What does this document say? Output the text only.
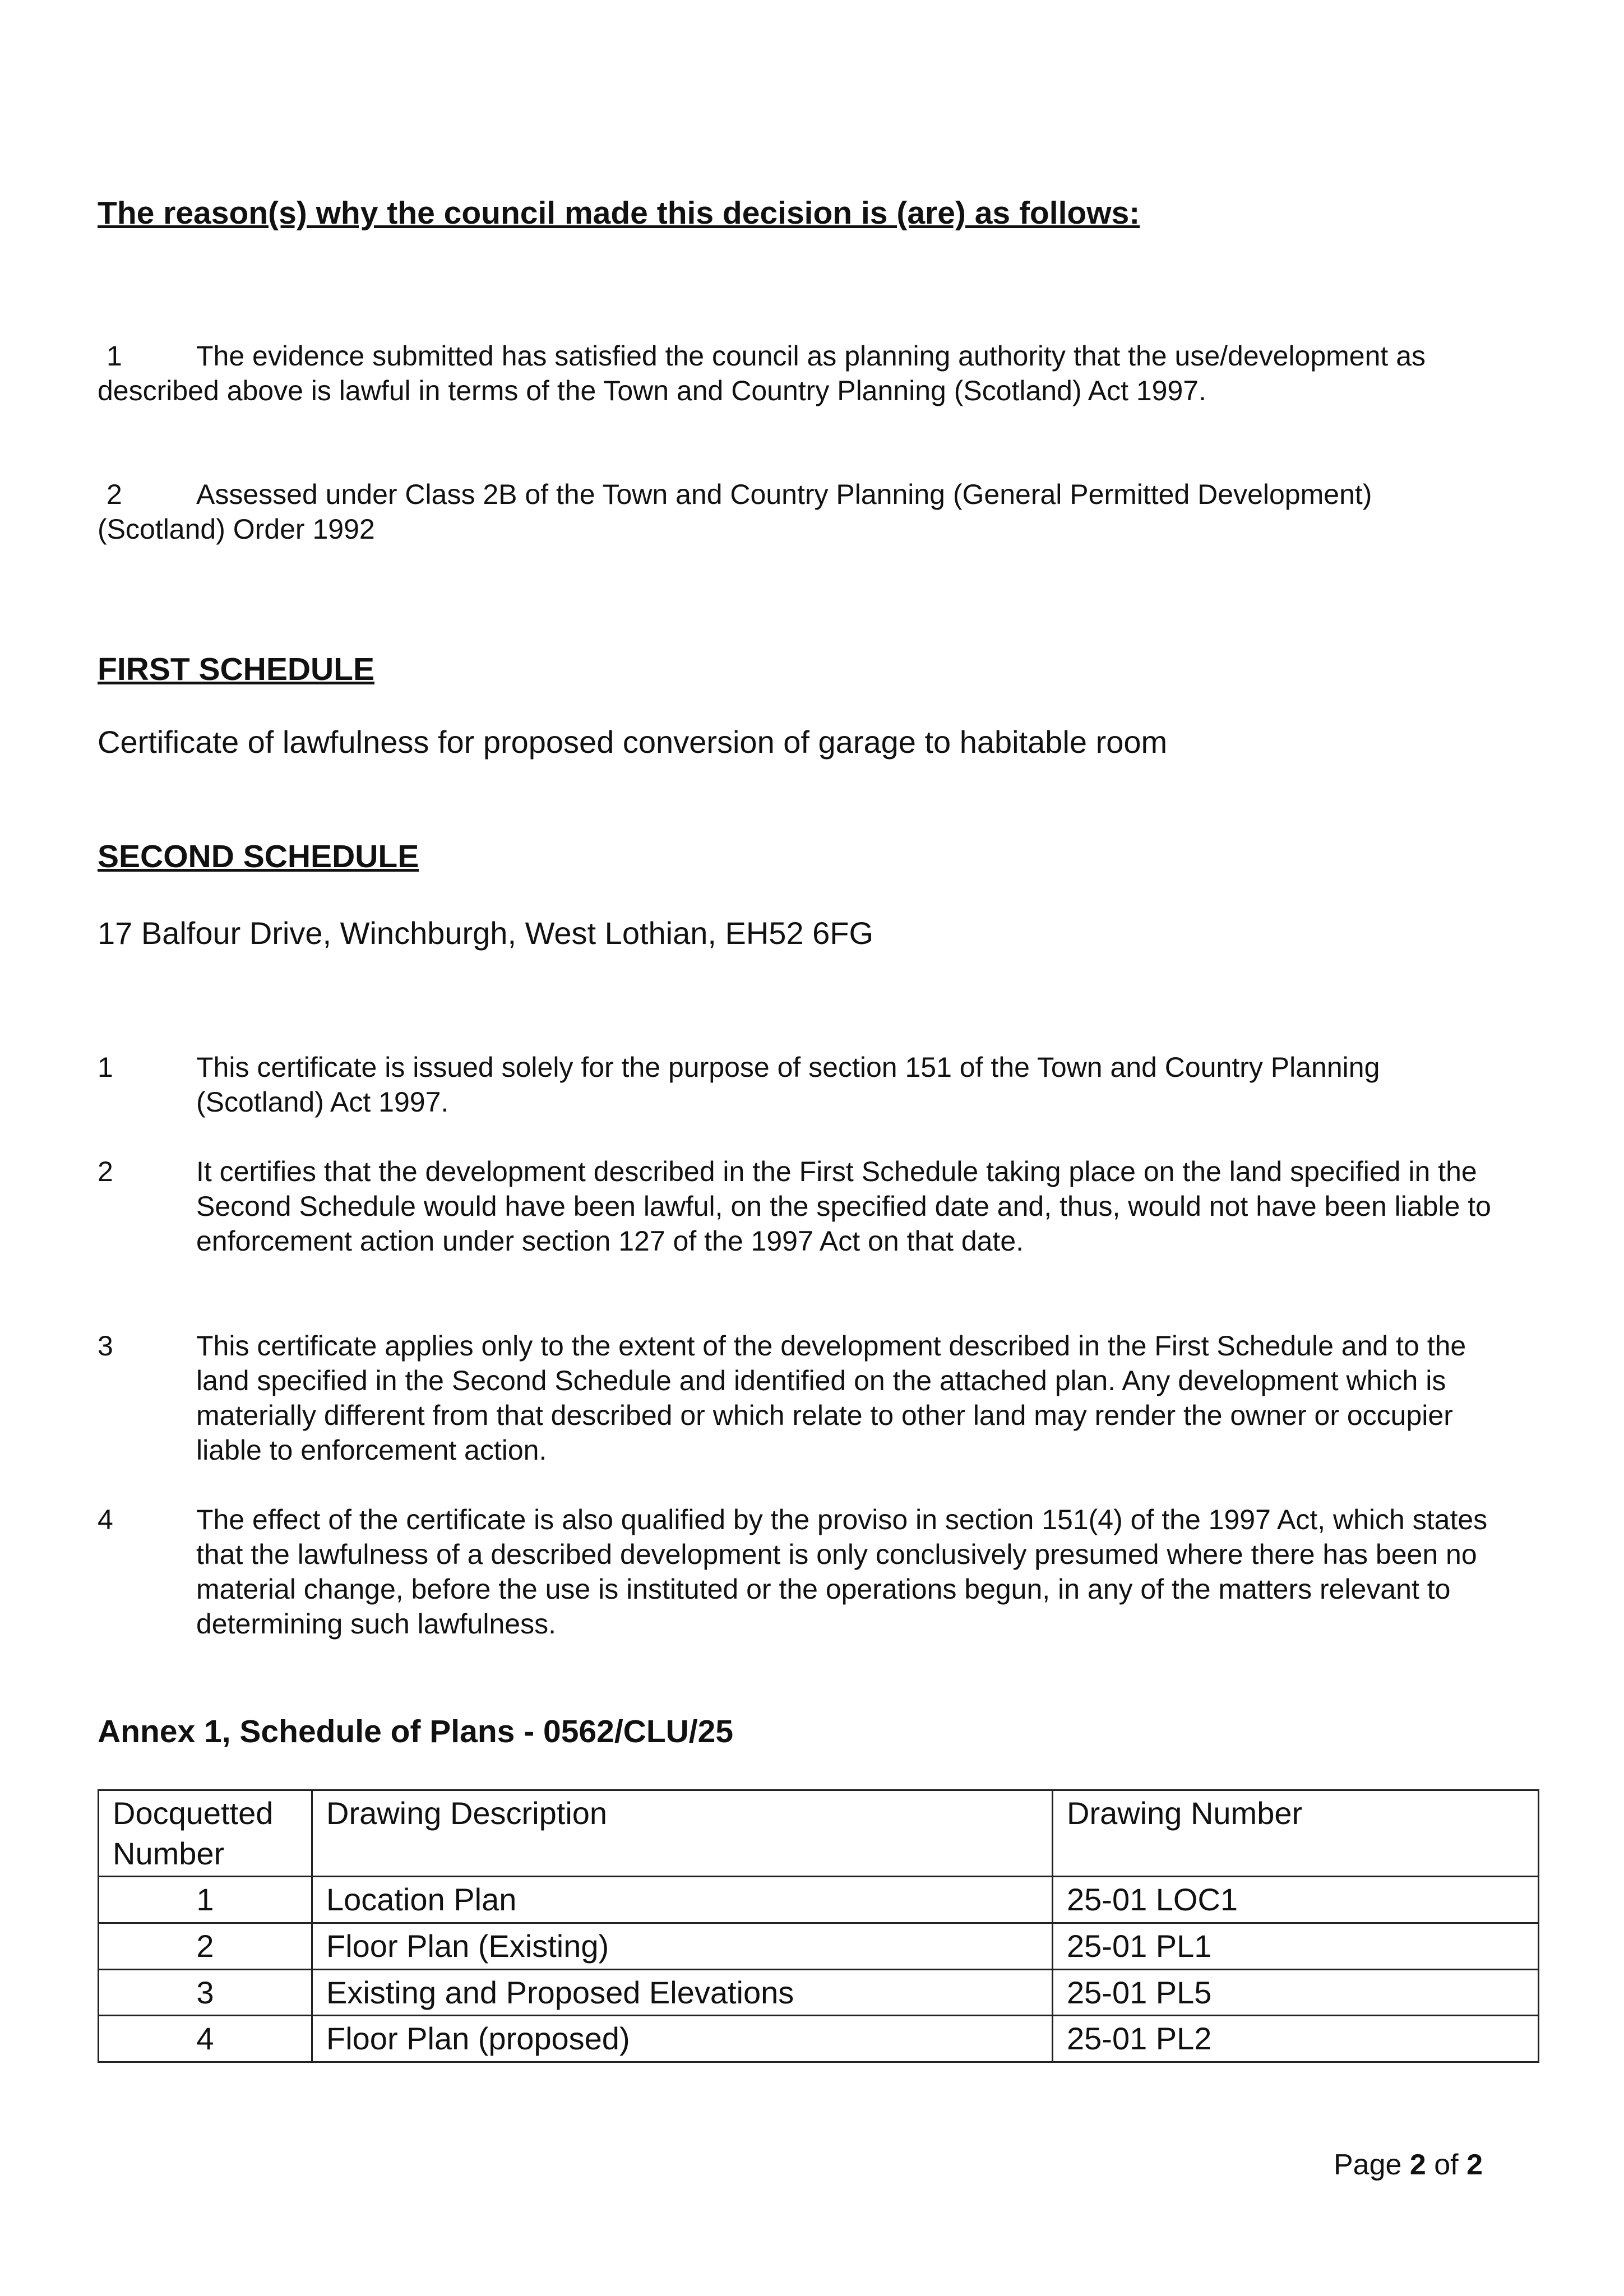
The reason(s) why the council made this decision is (are) as follows:

1	The evidence submitted has satisfied the council as planning authority that the use/development as described above is lawful in terms of the Town and Country Planning (Scotland) Act 1997.

2	Assessed under Class 2B of the Town and Country Planning (General Permitted Development)(Scotland) Order 1992

FIRST SCHEDULE

Certificate of lawfulness for proposed conversion of garage to habitable room

SECOND SCHEDULE

17 Balfour Drive, Winchburgh, West Lothian, EH52 6FG

1	This certificate is issued solely for the purpose of section 151 of the Town and Country Planning (Scotland) Act 1997.
2	It certifies that the development described in the First Schedule taking place on the land specified in the Second Schedule would have been lawful, on the specified date and, thus, would not have been liable to enforcement action under section 127 of the 1997 Act on that date.
3	This certificate applies only to the extent of the development described in the First Schedule and to the land specified in the Second Schedule and identified on the attached plan. Any development which is materially different from that described or which relate to other land may render the owner or occupier liable to enforcement action.
4	The effect of the certificate is also qualified by the proviso in section 151(4) of the 1997 Act, which states that the lawfulness of a described development is only conclusively presumed where there has been no material change, before the use is instituted or the operations begun, in any of the matters relevant to determining such lawfulness.
Annex 1, Schedule of Plans - 0562/CLU/25
Docquetted Number	Drawing Description	Drawing Number
1	Location Plan	25-01 LOC1
2	Floor Plan (Existing)	25-01 PL1
3	Existing and Proposed Elevations	25-01 PL5
4	Floor Plan (proposed)	25-01 PL2
Page 2 of 2
